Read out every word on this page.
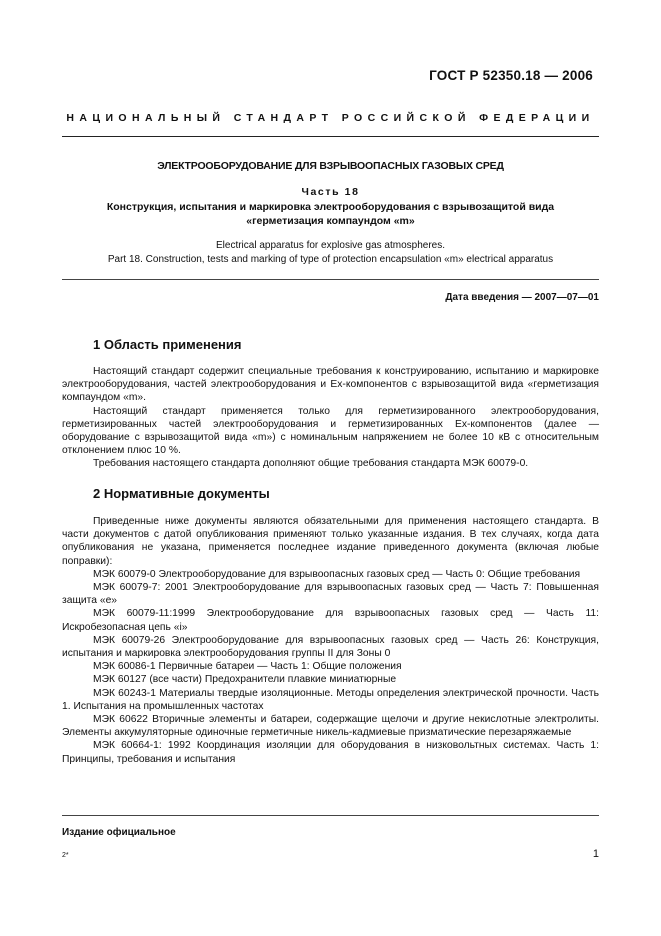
ГОСТ Р 52350.18 — 2006
НАЦИОНАЛЬНЫЙ СТАНДАРТ РОССИЙСКОЙ ФЕДЕРАЦИИ
ЭЛЕКТРООБОРУДОВАНИЕ ДЛЯ ВЗРЫВООПАСНЫХ ГАЗОВЫХ СРЕД
Часть 18
Конструкция, испытания и маркировка электрооборудования с взрывозащитой вида
«герметизация компаундом «m»
Electrical apparatus for explosive gas atmospheres.
Part 18. Construction, tests and marking of type of protection encapsulation «m» electrical apparatus
Дата введения — 2007—07—01
1 Область применения

Настоящий стандарт содержит специальные требования к конструированию, испытанию и маркировке электрооборудования, частей электрооборудования и Ex-компонентов с взрывозащитой вида «герметизация компаундом «m».

Настоящий стандарт применяется только для герметизированного электрооборудования, герметизированных частей электрооборудования и герметизированных Ex-компонентов (далее — оборудование с взрывозащитой вида «m») с номинальным напряжением не более 10 кВ с относительным отклонением плюс 10 %.

Требования настоящего стандарта дополняют общие требования стандарта МЭК 60079-0.

2 Нормативные документы

Приведенные ниже документы являются обязательными для применения настоящего стандарта. В части документов с датой опубликования применяют только указанные издания. В тех случаях, когда дата опубликования не указана, применяется последнее издание приведенного документа (включая любые поправки):

МЭК 60079-0 Электрооборудование для взрывоопасных газовых сред — Часть 0: Общие требования

МЭК 60079-7: 2001 Электрооборудование для взрывоопасных газовых сред — Часть 7: Повышенная защита «е»

МЭК 60079-11:1999 Электрооборудование для взрывоопасных газовых сред — Часть 11: Искробезопасная цепь «i»

МЭК 60079-26 Электрооборудование для взрывоопасных газовых сред — Часть 26: Конструкция, испытания и маркировка электрооборудования группы II для Зоны 0

МЭК 60086-1 Первичные батареи — Часть 1: Общие положения

МЭК 60127 (все части) Предохранители плавкие миниатюрные

МЭК 60243-1 Материалы твердые изоляционные. Методы определения электрической прочности. Часть 1. Испытания на промышленных частотах

МЭК 60622 Вторичные элементы и батареи, содержащие щелочи и другие некислотные электролиты. Элементы аккумуляторные одиночные герметичные никель-кадмиевые призматические перезаряжаемые

МЭК 60664-1: 1992 Координация изоляции для оборудования в низковольтных системах. Часть 1: Принципы, требования и испытания

Издание официальное
2*	1
